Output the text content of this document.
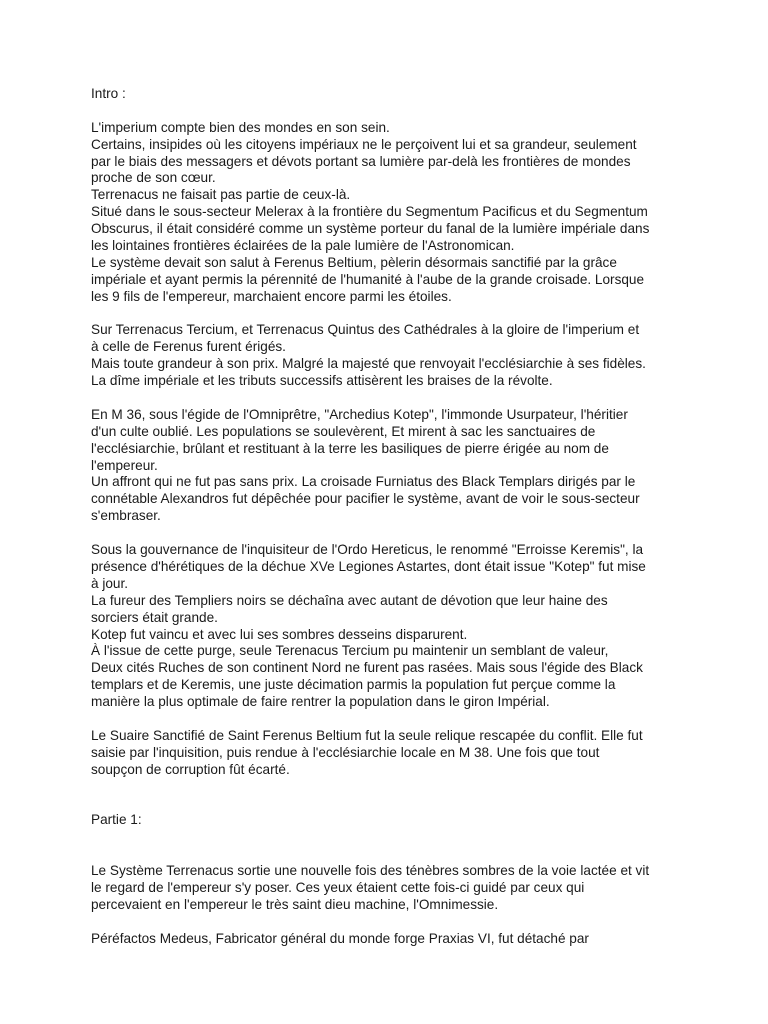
Intro :
L'imperium compte bien des mondes en son sein.
Certains, insipides où les citoyens impériaux ne le perçoivent lui et sa grandeur, seulement
par le biais des messagers et dévots portant sa lumière par-delà les frontières de mondes
proche de son cœur.
Terrenacus ne faisait pas partie de ceux-là.
Situé dans le sous-secteur Melerax à la frontière du Segmentum Pacificus et du Segmentum
Obscurus, il était considéré comme un système porteur du fanal de la lumière impériale dans
les lointaines frontières éclairées de la pale lumière de l'Astronomican.
Le système devait son salut à Ferenus Beltium, pèlerin désormais sanctifié par la grâce
impériale et ayant permis la pérennité de l'humanité à l'aube de la grande croisade. Lorsque
les 9 fils de l'empereur, marchaient encore parmi les étoiles.
Sur Terrenacus Tercium, et Terrenacus Quintus des Cathédrales à la gloire de l'imperium et
à celle de Ferenus furent érigés.
Mais toute grandeur à son prix. Malgré la majesté que renvoyait l'ecclésiarchie à ses fidèles.
La dîme impériale et les tributs successifs attisèrent les braises de la révolte.
En M 36, sous l'égide de l'Omniprêtre, "Archedius Kotep", l'immonde Usurpateur, l'héritier
d'un culte oublié. Les populations se soulevèrent, Et mirent à sac les sanctuaires de
l'ecclésiarchie, brûlant et restituant à la terre les basiliques de pierre érigée au nom de
l'empereur.
Un affront qui ne fut pas sans prix. La croisade Furniatus des Black Templars dirigés par le
connétable Alexandros fut dépêchée pour pacifier le système, avant de voir le sous-secteur
s'embraser.
Sous la gouvernance de l'inquisiteur de l'Ordo Hereticus, le renommé "Erroisse Keremis", la
présence d'hérétiques de la déchue XVe Legiones Astartes, dont était issue "Kotep" fut mise
à jour.
La fureur des Templiers noirs se déchaîna avec autant de dévotion que leur haine des
sorciers était grande.
Kotep fut vaincu et avec lui ses sombres desseins disparurent.
À l'issue de cette purge, seule Terenacus Tercium pu maintenir un semblant de valeur,
Deux cités Ruches de son continent Nord ne furent pas rasées. Mais sous l'égide des Black
templars et de Keremis, une juste décimation parmis la population fut perçue comme la
manière la plus optimale de faire rentrer la population dans le giron Impérial.
Le Suaire Sanctifié de Saint Ferenus Beltium fut la seule relique rescapée du conflit. Elle fut
saisie par l'inquisition, puis rendue à l'ecclésiarchie locale en M 38. Une fois que tout
soupçon de corruption fût écarté.
Partie 1:
Le Système Terrenacus sortie une nouvelle fois des ténèbres sombres de la voie lactée et vit
le regard de l'empereur s'y poser. Ces yeux étaient cette fois-ci guidé par ceux qui
percevaient en l'empereur le très saint dieu machine, l'Omnimessie.
Péréfactos Medeus, Fabricator général du monde forge Praxias VI, fut détaché par
